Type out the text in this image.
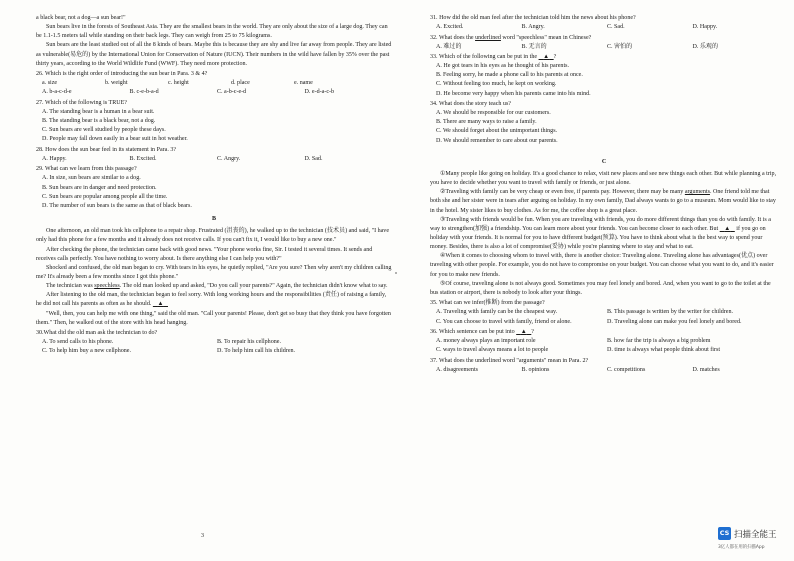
a black bear, not a dog—a sun bear!"

Sun bears live in the forests of Southeast Asia. They are the smallest bears in the world. They are only about the size of a large dog. They can be 1.1-1.5 meters tall while standing on their back legs. They can weigh from 25 to 75 kilograms.

Sun bears are the least studied out of all the 8 kinds of bears. Maybe this is because they are shy and live far away from people. They are listed as vulnerable(易危的) by the International Union for Conservation of Nature (IUCN). Their numbers in the wild have fallen by 35% over the past thirty years, according to the World Wildlife Fund (WWF). They need more protection.

26. Which is the right order of introducing the sun bear in Para. 3 & 4?

a. size	b. weight	c. height	d. place	e. name
A. b-a-c-d-e	B. c-e-b-a-d	C. a-b-c-e-d	D. e-d-a-c-b

27. Which of the following is TRUE?

A. The standing bear is a human in a bear suit.

B. The standing bear is a black bear, not a dog.

C. Sun bears are well studied by people these days.

D. People may fall down easily in a bear suit in hot weather.

28. How does the sun bear feel in its statement in Para. 3?

A. Happy.	B. Excited.	C. Angry.	D. Sad.

29. What can we learn from this passage?

A. In size, sun bears are similar to a dog.

B. Sun bears are in danger and need protection.

C. Sun bears are popular among people all the time.

D. The number of sun bears is the same as that of black bears.

B

One afternoon, an old man took his cellphone to a repair shop. Frustrated (沮丧的), he walked up to the technician (技术员) and said, "I have only had this phone for a few months and it already does not receive calls. If you can't fix it, I would like to buy a new one."

After checking the phone, the technician came back with good news. "Your phone works fine, Sir. I tested it several times. It sends and receives calls perfectly. You have nothing to worry about. Is there anything else I can help you with?"

Shocked and confused, the old man began to cry. With tears in his eyes, he quietly replied, "Are you sure? Then why aren't my children calling me? It's already been a few months since I got this phone."

The technician was speechless. The old man looked up and asked, "Do you call your parents?" Again, the technician didn't know what to say.

After listening to the old man, the technician began to feel sorry. With long working hours and the responsibilities (责任) of raising a family, he did not call his parents as often as he should. ▲

"Well, then, you can help me with one thing," said the old man. "Call your parents! Please, don't get so busy that they think you have forgotten them." Then, he walked out of the store with his head hanging.

30.What did the old man ask the technician to do?

A. To send calls to his phone.	B. To repair his cellphone.
C. To help him buy a new cellphone.	D. To help him call his children.
3

31. How did the old man feel after the technician told him the news about his phone?

A. Excited.	B. Angry.	C. Sad.	D. Happy.

32. What does the underlined word "speechless" mean in Chinese?

A. 难过的	B. 无言的	C. 害怕的	D. 乐观的

33. Which of the following can be put in the ▲ ?

A. He got tears in his eyes as he thought of his parents.

B. Feeling sorry, he made a phone call to his parents at once.

C. Without feeling too much, he kept on working.

D. He become very happy when his parents came into his mind.

34. What does the story teach us?

A. We should be responsible for our customers.

B. There are many ways to raise a family.

C. We should forget about the unimportant things.

D. We should remember to care about our parents.

C

①Many people like going on holiday. It's a good chance to relax, visit new places and see new things each other. But while planning a trip, you have to decide whether you want to travel with family or friends, or just alone.

②Traveling with family can be very cheap or even free, if parents pay. However, there may be many arguments. One friend told me that both she and her sister were in tears after arguing on holiday. In my own family, Dad always wants to go to a museum. Mom would like to stay in the hotel. My sister likes to buy clothes. As for me, the coffee shop is a great place.

③Traveling with friends would be fun. When you are traveling with friends, you do more different things than you do with family. It is a way to strengthen(加强) a friendship. You can learn more about your friends. You can become closer to each other. But ▲ if you go on holiday with your friends. It is normal for you to have different budget(预算). You have to think about what is the best way to spend your money. Besides, there is also a lot of compromise(妥协) while you're planning where to stay and what to eat.

④When it comes to choosing whom to travel with, there is another choice: Traveling alone. Traveling alone has advantages(优点) over traveling with other people. For example, you do not have to compromise on your budget. You can choose what you want to do, and it's easier for you to make new friends.

⑤Of course, traveling alone is not always good. Sometimes you may feel lonely and bored. And, when you want to go to the toilet at the bus station or airport, there is nobody to look after your things.

35. What can we infer(推断) from the passage?

A. Traveling with family can be the cheapest way.	B. This passage is written by the writer for children.
C. You can choose to travel with family, friend or alone.	D. Traveling alone can make you feel lonely and bored.

36. Which sentence can be put into ▲ ?

A. money always plays an important role	B. how far the trip is always a big problem
C. ways to travel always means a lot to people	D. time is always what people think about first

37. What does the underlined word "arguments" mean in Para. 2?

A. disagreements	B. opinions	C. competitions	D. matches
CS 扫描全能王
3亿人都在用的扫描App
